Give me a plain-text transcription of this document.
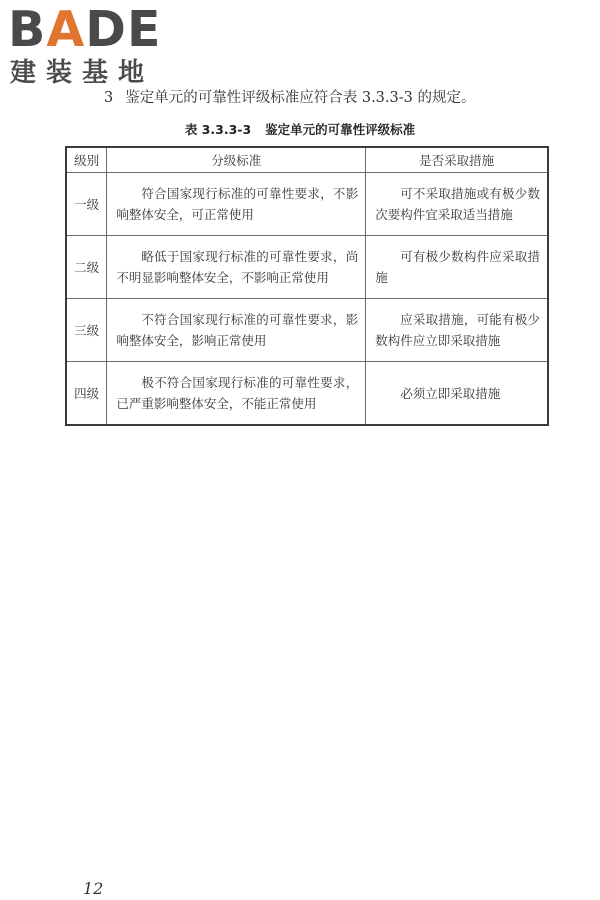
BADE
建装基地
3 鉴定单元的可靠性评级标准应符合表 3.3.3-3 的规定。
表 3.3.3-3 鉴定单元的可靠性评级标准
级别	分级标准	是否采取措施
一级	符合国家现行标准的可靠性要求，不影响整体安全，可正常使用	可不采取措施或有极少数次要构件宜采取适当措施
二级	略低于国家现行标准的可靠性要求，尚不明显影响整体安全，不影响正常使用	可有极少数构件应采取措施
三级	不符合国家现行标准的可靠性要求，影响整体安全，影响正常使用	应采取措施，可能有极少数构件应立即采取措施
四级	极不符合国家现行标准的可靠性要求，已严重影响整体安全，不能正常使用	必须立即采取措施
12
